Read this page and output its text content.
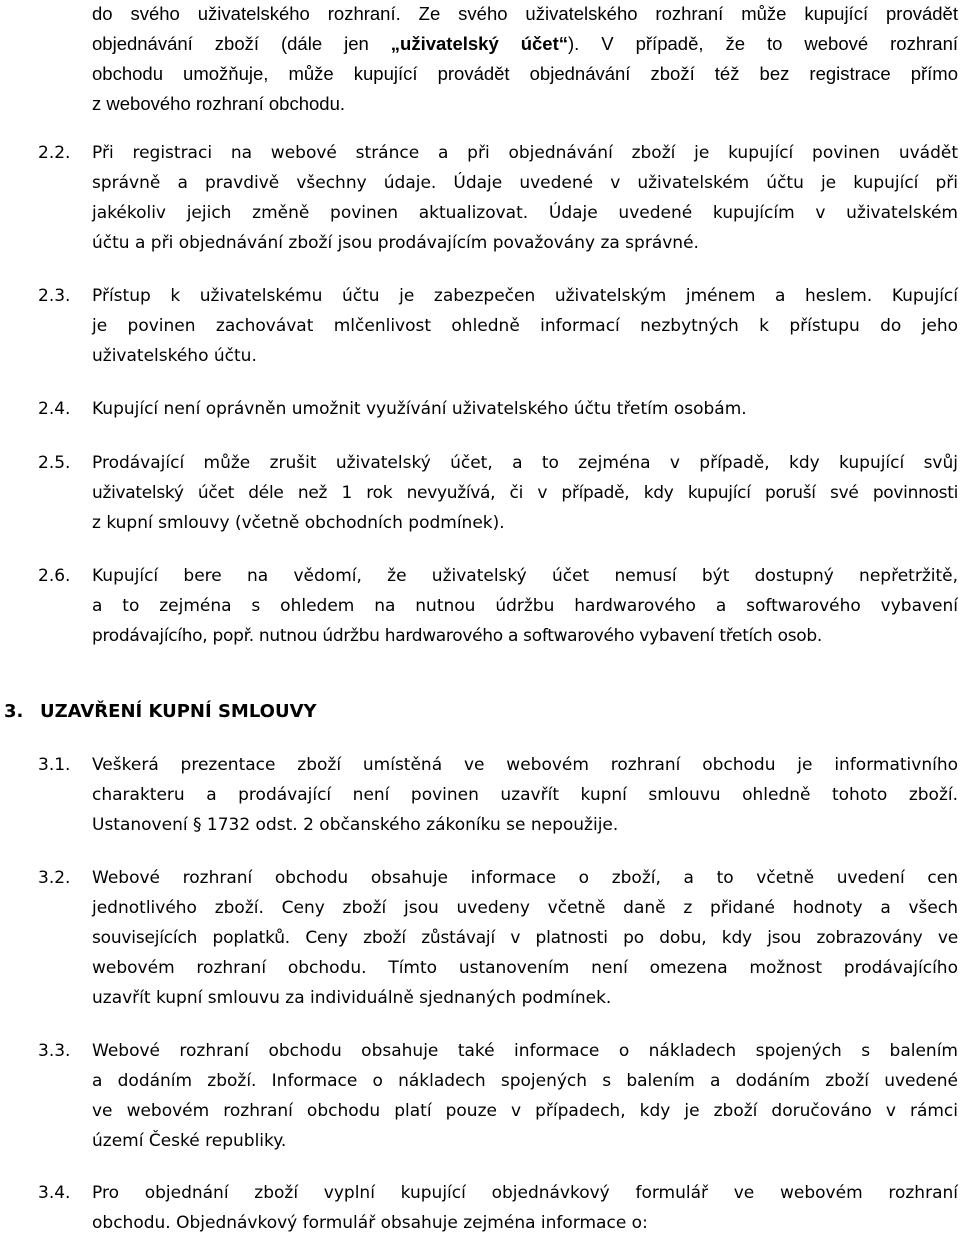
do svého uživatelského rozhraní. Ze svého uživatelského rozhraní může kupující provádět
objednávání zboží (dále jen „uživatelský účet“). V případě, že to webové rozhraní
obchodu umožňuje, může kupující provádět objednávání zboží též bez registrace přímo
z webového rozhraní obchodu.
2.2. Při registraci na webové stránce a při objednávání zboží je kupující povinen uvádět
správně a pravdivě všechny údaje. Údaje uvedené v uživatelském účtu je kupující při
jakékoliv jejich změně povinen aktualizovat. Údaje uvedené kupujícím v uživatelském
účtu a při objednávání zboží jsou prodávajícím považovány za správné.
2.3. Přístup k uživatelskému účtu je zabezpečen uživatelským jménem a heslem. Kupující
je povinen zachovávat mlčenlivost ohledně informací nezbytných k přístupu do jeho
uživatelského účtu.
2.4. Kupující není oprávněn umožnit využívání uživatelského účtu třetím osobám.
2.5. Prodávající může zrušit uživatelský účet, a to zejména v případě, kdy kupující svůj
uživatelský účet déle než 1 rok nevyužívá, či v případě, kdy kupující poruší své povinnosti
z kupní smlouvy (včetně obchodních podmínek).
2.6. Kupující bere na vědomí, že uživatelský účet nemusí být dostupný nepřetržitě,
a to zejména s ohledem na nutnou údržbu hardwarového a softwarového vybavení
prodávajícího, popř. nutnou údržbu hardwarového a softwarového vybavení třetích osob.
3. UZAVŘENÍ KUPNÍ SMLOUVY
3.1. Veškerá prezentace zboží umístěná ve webovém rozhraní obchodu je informativního
charakteru a prodávající není povinen uzavřít kupní smlouvu ohledně tohoto zboží.
Ustanovení § 1732 odst. 2 občanského zákoníku se nepoužije.
3.2. Webové rozhraní obchodu obsahuje informace o zboží, a to včetně uvedení cen
jednotlivého zboží. Ceny zboží jsou uvedeny včetně daně z přidané hodnoty a všech
souvisejících poplatků. Ceny zboží zůstávají v platnosti po dobu, kdy jsou zobrazovány ve
webovém rozhraní obchodu. Tímto ustanovením není omezena možnost prodávajícího
uzavřít kupní smlouvu za individuálně sjednaných podmínek.
3.3. Webové rozhraní obchodu obsahuje také informace o nákladech spojených s balením
a dodáním zboží. Informace o nákladech spojených s balením a dodáním zboží uvedené
ve webovém rozhraní obchodu platí pouze v případech, kdy je zboží doručováno v rámci
území České republiky.
3.4. Pro objednání zboží vyplní kupující objednávkový formulář ve webovém rozhraní
obchodu. Objednávkový formulář obsahuje zejména informace o:
